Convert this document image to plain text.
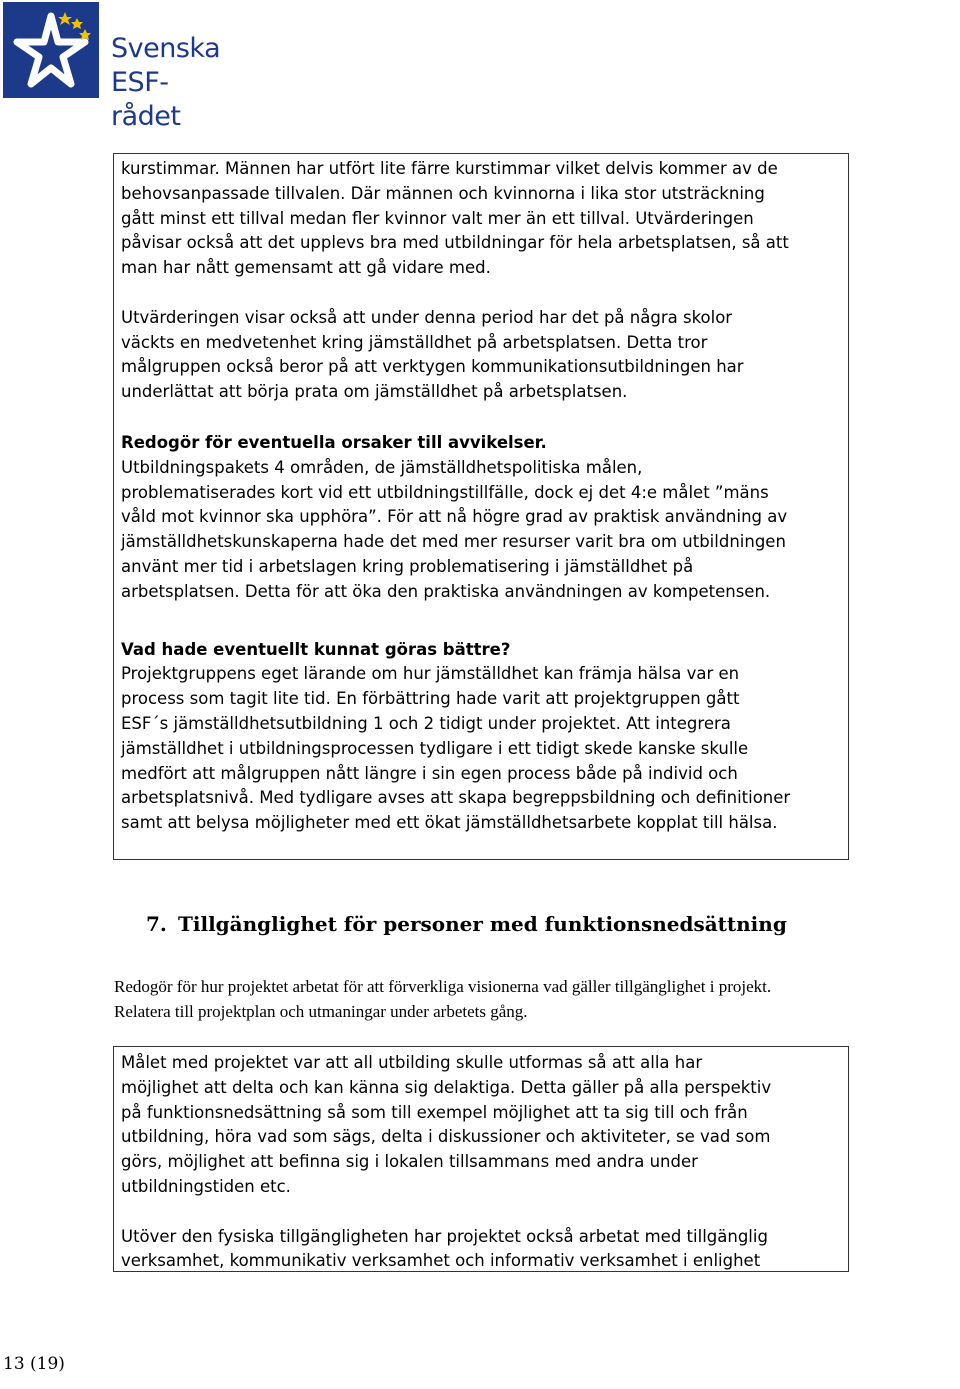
Svenska
ESF-rådet

kurstimmar. Männen har utfört lite färre kurstimmar vilket delvis kommer av de
behovsanpassade tillvalen. Där männen och kvinnorna i lika stor utsträckning
gått minst ett tillval medan fler kvinnor valt mer än ett tillval. Utvärderingen
påvisar också att det upplevs bra med utbildningar för hela arbetsplatsen, så att
man har nått gemensamt att gå vidare med.

Utvärderingen visar också att under denna period har det på några skolor
väckts en medvetenhet kring jämställdhet på arbetsplatsen. Detta tror
målgruppen också beror på att verktygen kommunikationsutbildningen har
underlättat att börja prata om jämställdhet på arbetsplatsen.

Redogör för eventuella orsaker till avvikelser.

Utbildningspakets 4 områden, de jämställdhetspolitiska målen,
problematiserades kort vid ett utbildningstillfälle, dock ej det 4:e målet ”mäns
våld mot kvinnor ska upphöra”. För att nå högre grad av praktisk användning av
jämställdhetskunskaperna hade det med mer resurser varit bra om utbildningen
använt mer tid i arbetslagen kring problematisering i jämställdhet på
arbetsplatsen. Detta för att öka den praktiska användningen av kompetensen.

Vad hade eventuellt kunnat göras bättre?

Projektgruppens eget lärande om hur jämställdhet kan främja hälsa var en
process som tagit lite tid. En förbättring hade varit att projektgruppen gått
ESF´s jämställdhetsutbildning 1 och 2 tidigt under projektet. Att integrera
jämställdhet i utbildningsprocessen tydligare i ett tidigt skede kanske skulle
medfört att målgruppen nått längre i sin egen process både på individ och
arbetsplatsnivå. Med tydligare avses att skapa begreppsbildning och definitioner
samt att belysa möjligheter med ett ökat jämställdhetsarbete kopplat till hälsa.

7. Tillgänglighet för personer med funktionsnedsättning

Redogör för hur projektet arbetat för att förverkliga visionerna vad gäller tillgänglighet i projekt.
Relatera till projektplan och utmaningar under arbetets gång.

Målet med projektet var att all utbilding skulle utformas så att alla har
möjlighet att delta och kan känna sig delaktiga. Detta gäller på alla perspektiv
på funktionsnedsättning så som till exempel möjlighet att ta sig till och från
utbildning, höra vad som sägs, delta i diskussioner och aktiviteter, se vad som
görs, möjlighet att befinna sig i lokalen tillsammans med andra under
utbildningstiden etc.

Utöver den fysiska tillgängligheten har projektet också arbetat med tillgänglig
verksamhet, kommunikativ verksamhet och informativ verksamhet i enlighet

13 (19)
